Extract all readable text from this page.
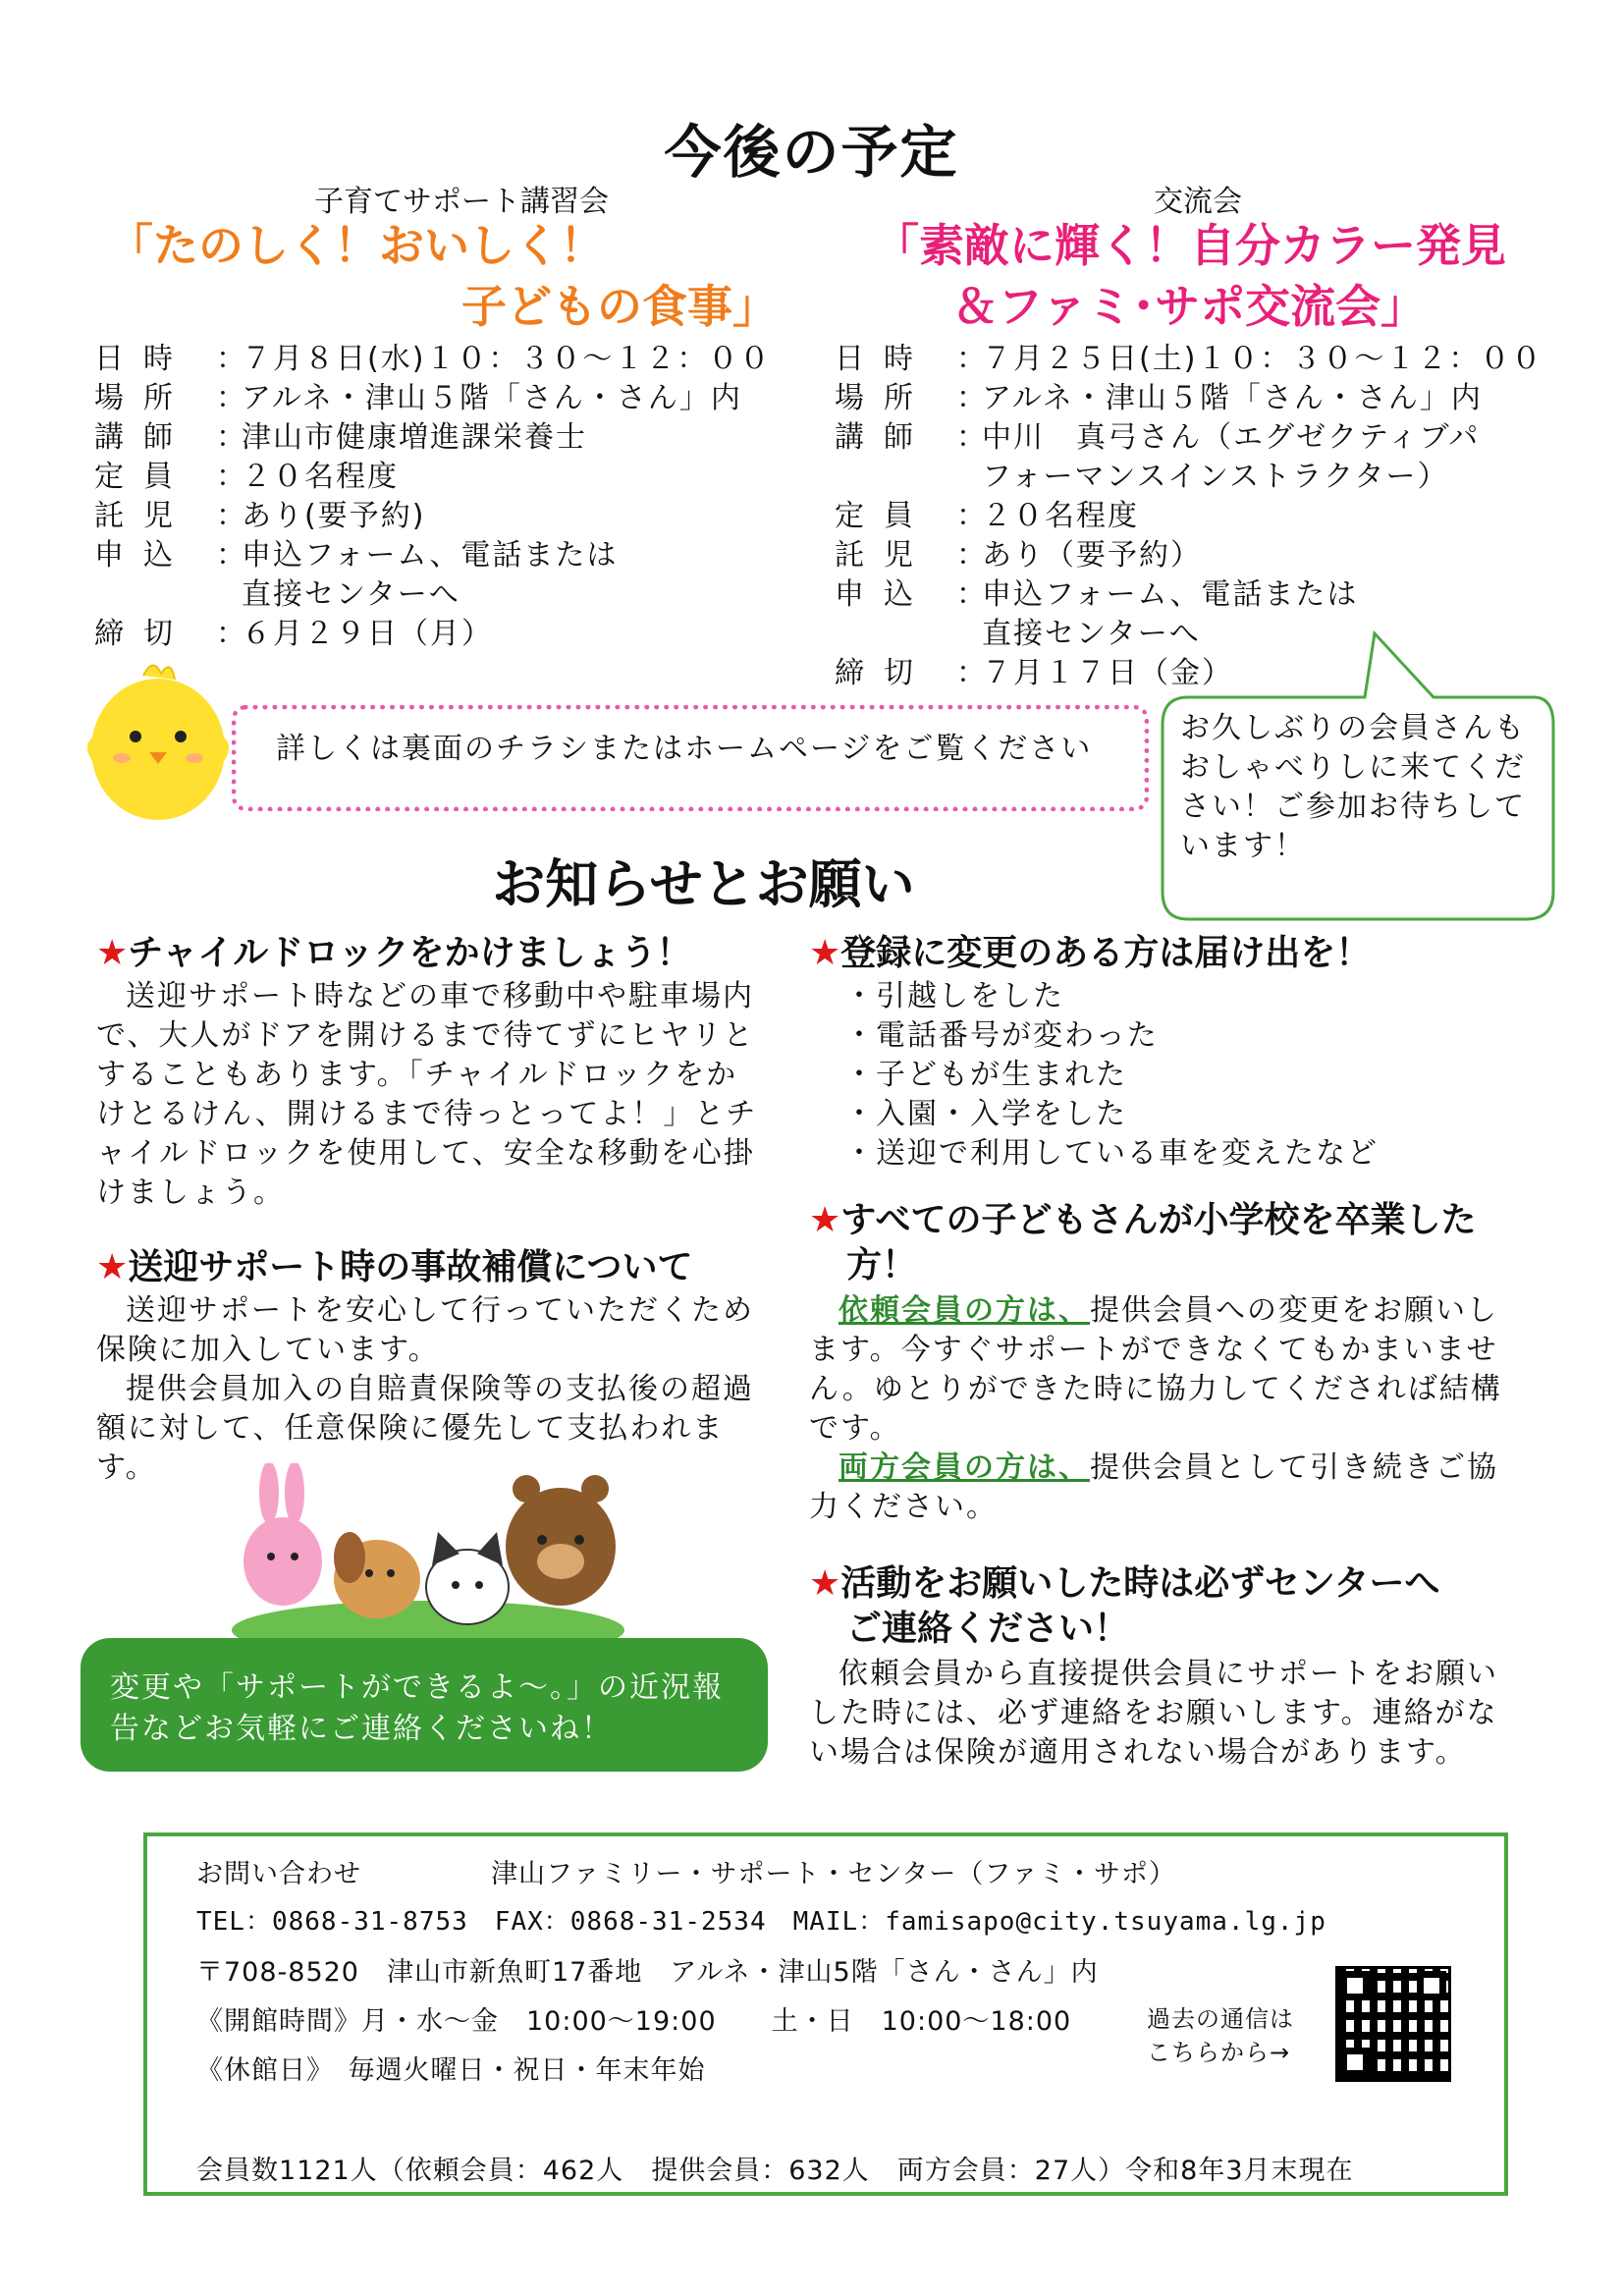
今後の予定
子育てサポート講習会
「たのしく！おいしく！
子どもの食事」
日時 ：
７月８日(水)１０：３０～１２：００
場所 ：
アルネ・津山５階「さん・さん」内
講師 ：
津山市健康増進課栄養士
定員 ：
２０名程度
託児 ：
あり(要予約)
申込 ：
申込フォーム、電話または
直接センターへ
締切 ：
６月２９日（月）
交流会
「素敵に輝く！自分カラー発見
＆ファミ･サポ交流会」
日時 ：
７月２５日(土)１０：３０～１２：００
場所 ：
アルネ・津山５階「さん・さん」内
講師 ：
中川　真弓さん（エグゼクティブパ
フォーマンスインストラクター）
定員 ：
２０名程度
託児 ：
あり（要予約）
申込 ：
申込フォーム、電話または
直接センターへ
締切 ：
７月１７日（金）
詳しくは裏面のチラシまたはホームページをご覧ください
お久しぶりの会員さんもおしゃべりしに来てください！ご参加お待ちしています！
お知らせとお願い
★チャイルドロックをかけましょう！
送迎サポート時などの車で移動中や駐車場内で、大人がドアを開けるまで待てずにヒヤリとすることもあります。「チャイルドロックをかけとるけん、開けるまで待っとってよ！」とチャイルドロックを使用して、安全な移動を心掛けましょう。
★送迎サポート時の事故補償について
送迎サポートを安心して行っていただくため保険に加入しています。
提供会員加入の自賠責保険等の支払後の超過額に対して、任意保険に優先して支払われます。
変更や「サポートができるよ～。」の近況報告などお気軽にご連絡くださいね！
★登録に変更のある方は届け出を！
・引越しをした
・電話番号が変わった
・子どもが生まれた
・入園・入学をした
・送迎で利用している車を変えたなど
★すべての子どもさんが小学校を卒業した
方！
依頼会員の方は、提供会員への変更をお願いします。今すぐサポートができなくてもかまいません。ゆとりができた時に協力してくだされば結構です。
両方会員の方は、提供会員として引き続きご協力ください。
★活動をお願いした時は必ずセンターへ
ご連絡ください！
依頼会員から直接提供会員にサポートをお願いした時には、必ず連絡をお願いします。連絡がない場合は保険が適用されない場合があります。
お問い合わせ	津山ファミリー・サポート・センター（ファミ・サポ）
TEL：0868-31-8753　FAX：0868-31-2534　MAIL：famisapo@city.tsuyama.lg.jp
〒708-8520　津山市新魚町17番地　アルネ・津山5階「さん・さん」内
《開館時間》月・水～金　10:00～19:00　　土・日　10:00～18:00
《休館日》　毎週火曜日・祝日・年末年始
過去の通信は
こちらから→
会員数1121人（依頼会員：462人　提供会員：632人　両方会員：27人）令和8年3月末現在
